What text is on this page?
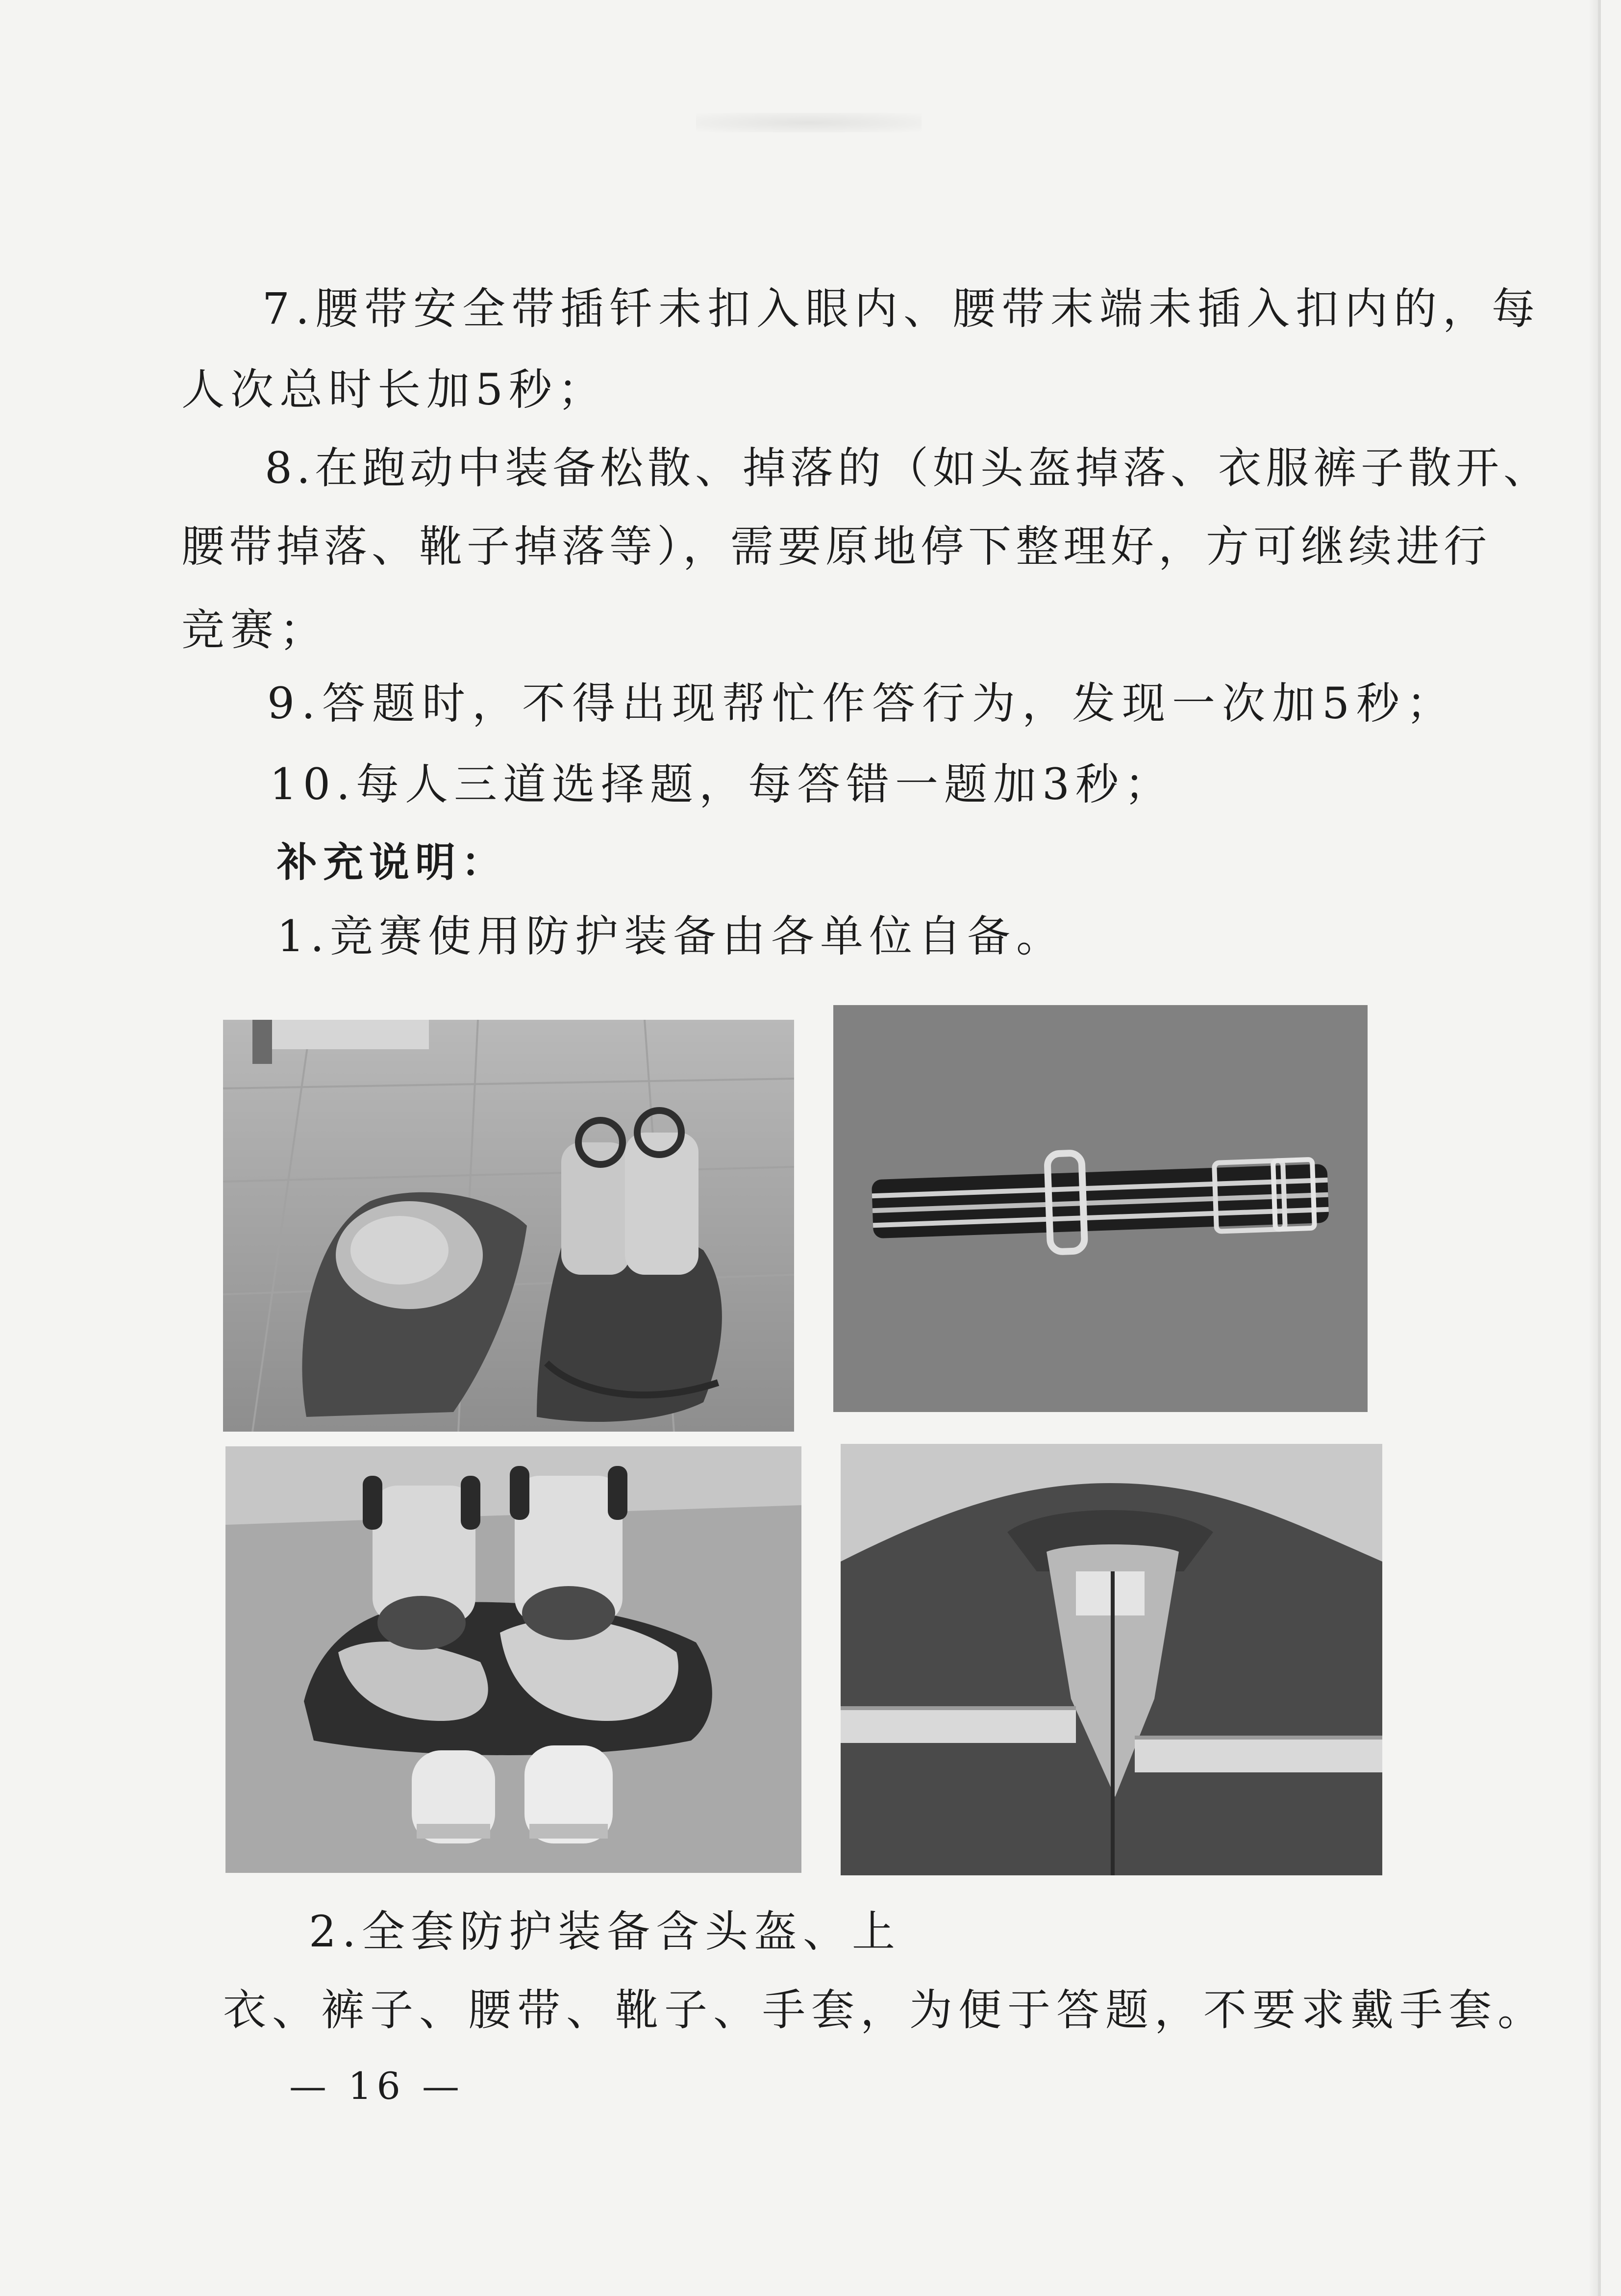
7.腰带安全带插钎未扣入眼内、腰带末端未插入扣内的，每
人次总时长加5秒；
8.在跑动中装备松散、掉落的（如头盔掉落、衣服裤子散开、
腰带掉落、靴子掉落等），需要原地停下整理好，方可继续进行
竞赛；
9.答题时，不得出现帮忙作答行为，发现一次加5秒；
10.每人三道选择题，每答错一题加3秒；
补充说明：
1.竞赛使用防护装备由各单位自备。
2.全套防护装备含头盔、上
衣、裤子、腰带、靴子、手套，为便于答题，不要求戴手套。
— 16 —
